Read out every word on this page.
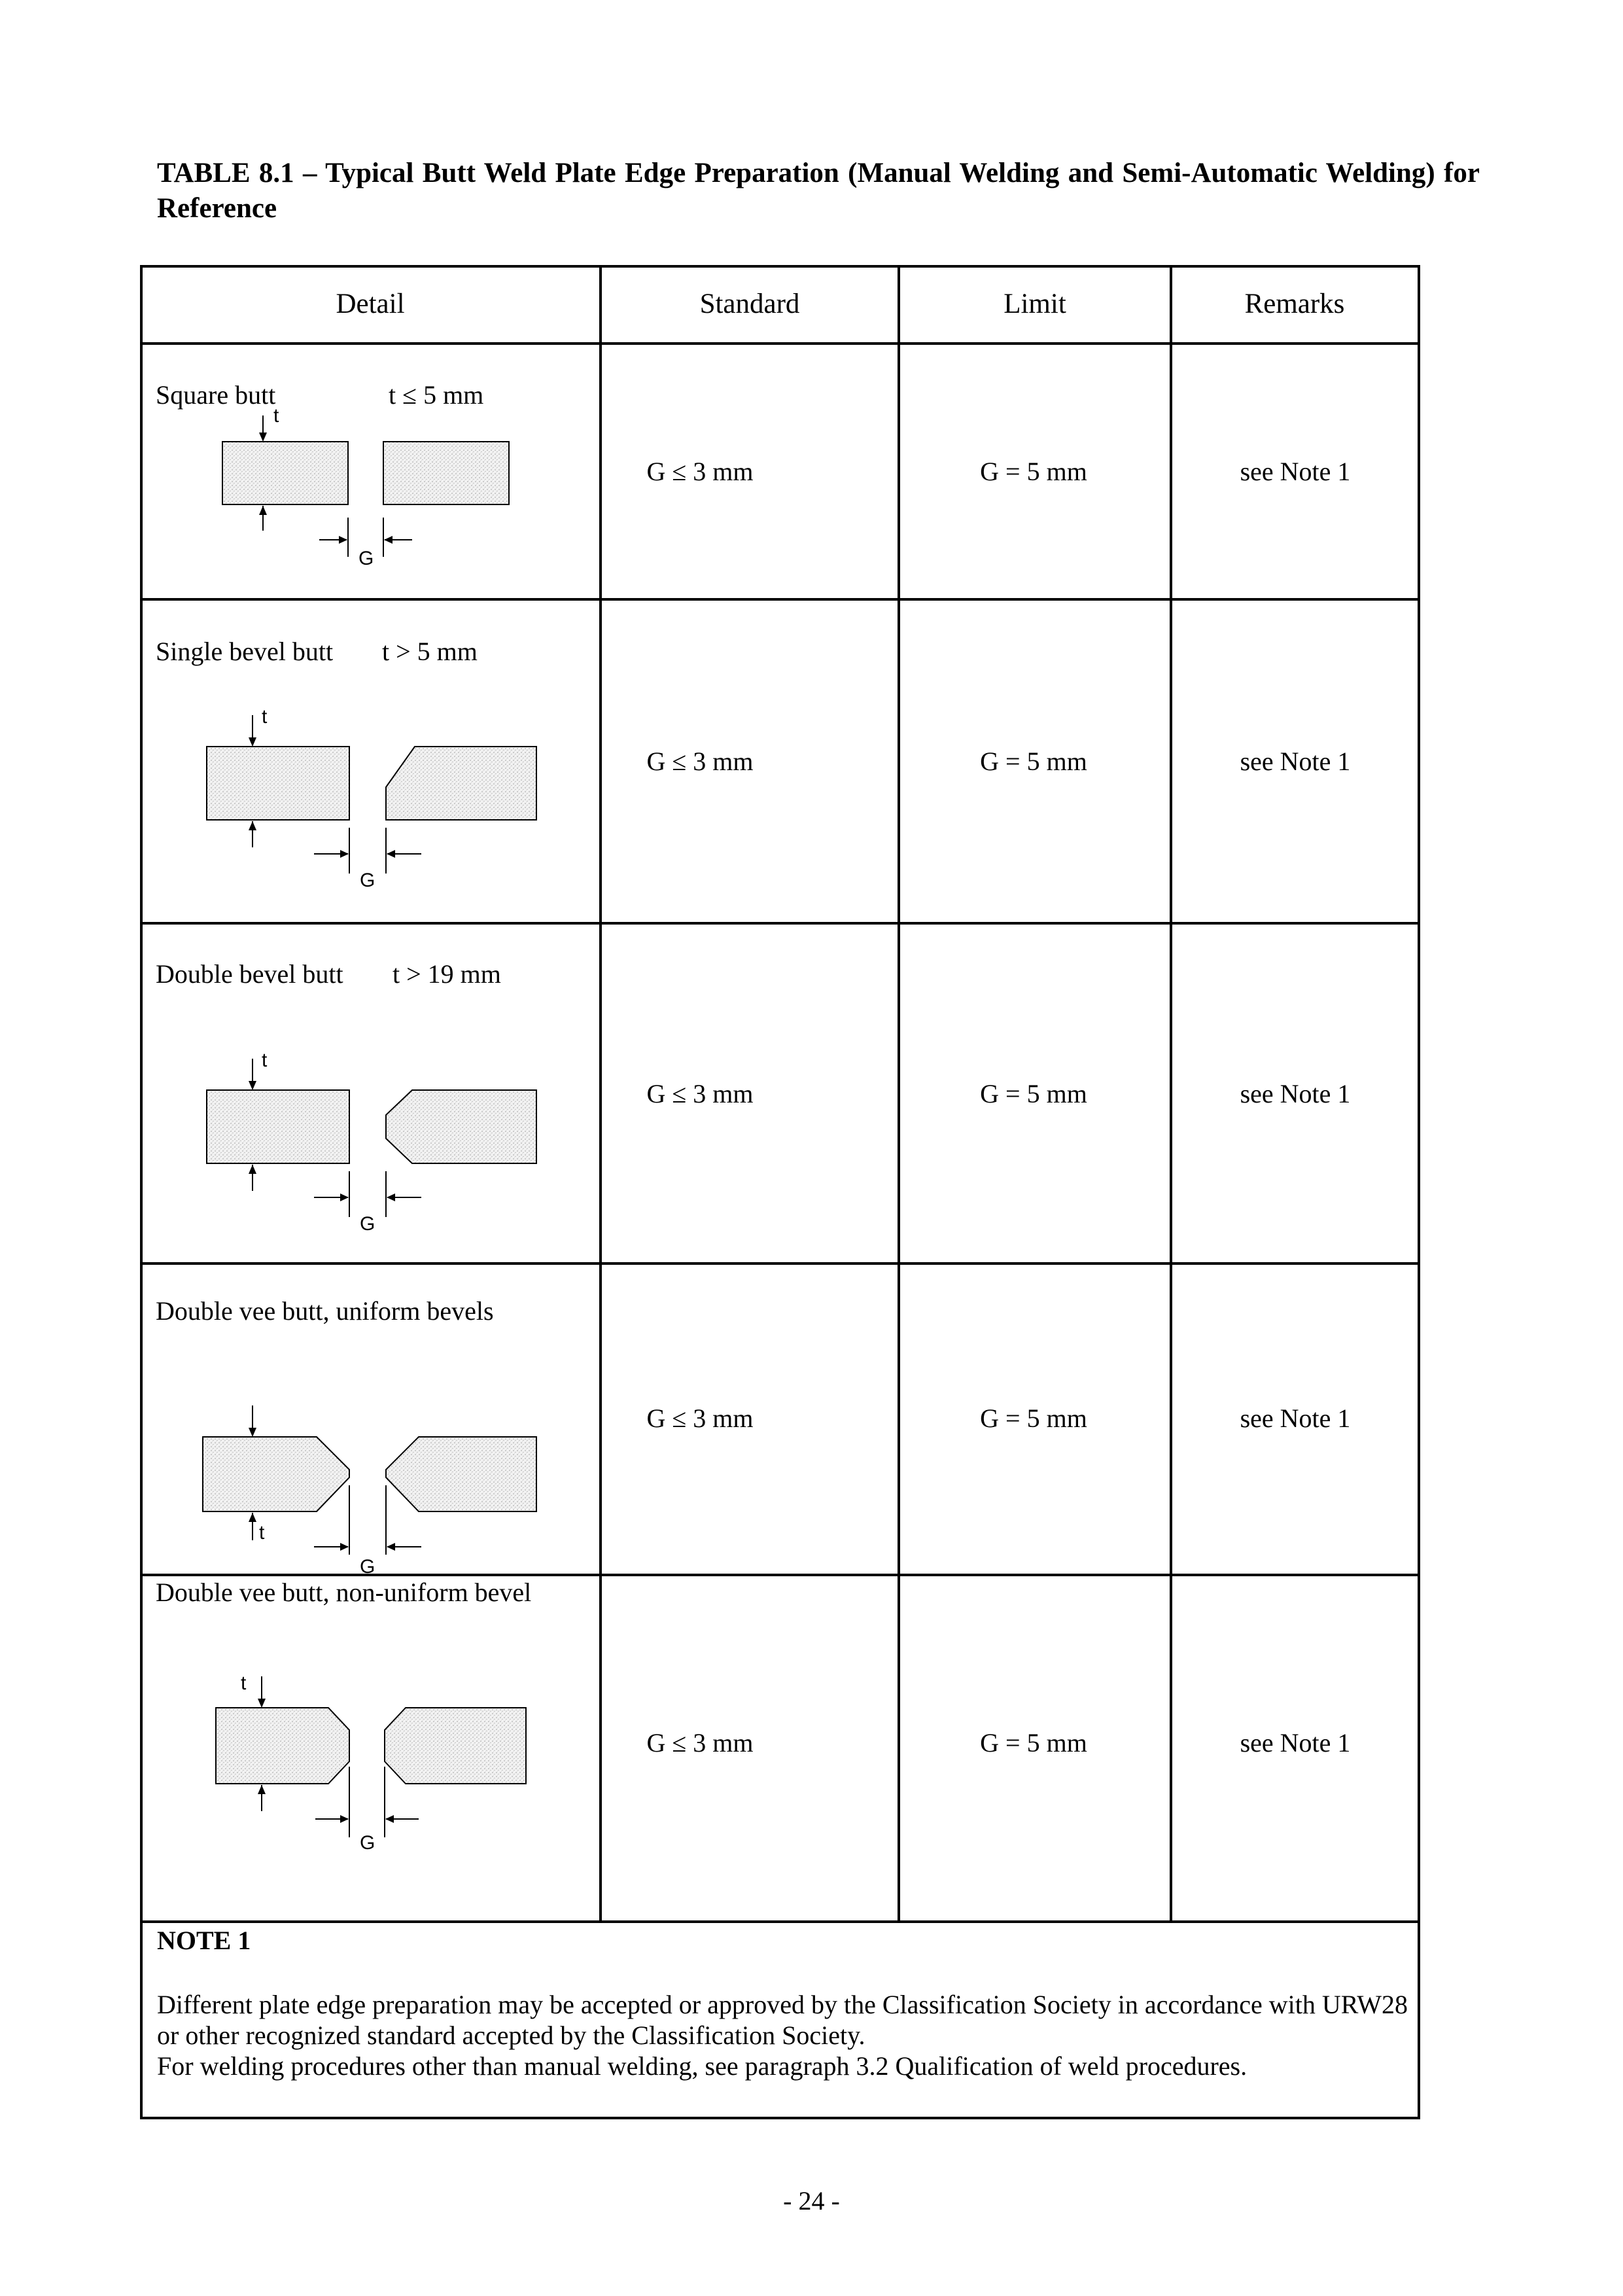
TABLE 8.1 – Typical Butt Weld Plate Edge Preparation (Manual Welding and Semi-Automatic Welding) for Reference
Detail	Standard	Limit	Remarks
Square butt	t ≤ 5 mm
t
G
G ≤ 3 mm	G = 5 mm	see Note 1
Single bevel butt t > 5 mm
t
G
G ≤ 3 mm	G = 5 mm	see Note 1
Double bevel butt t > 19 mm
t
G
G ≤ 3 mm	G = 5 mm	see Note 1
Double vee butt, uniform bevels
t
G
G ≤ 3 mm	G = 5 mm	see Note 1
Double vee butt, non-uniform bevel
t
G
G ≤ 3 mm	G = 5 mm	see Note 1
NOTE 1

Different plate edge preparation may be accepted or approved by the Classification Society in accordance with URW28 or other recognized standard accepted by the Classification Society.

For welding procedures other than manual welding, see paragraph 3.2 Qualification of weld procedures.

- 24 -
